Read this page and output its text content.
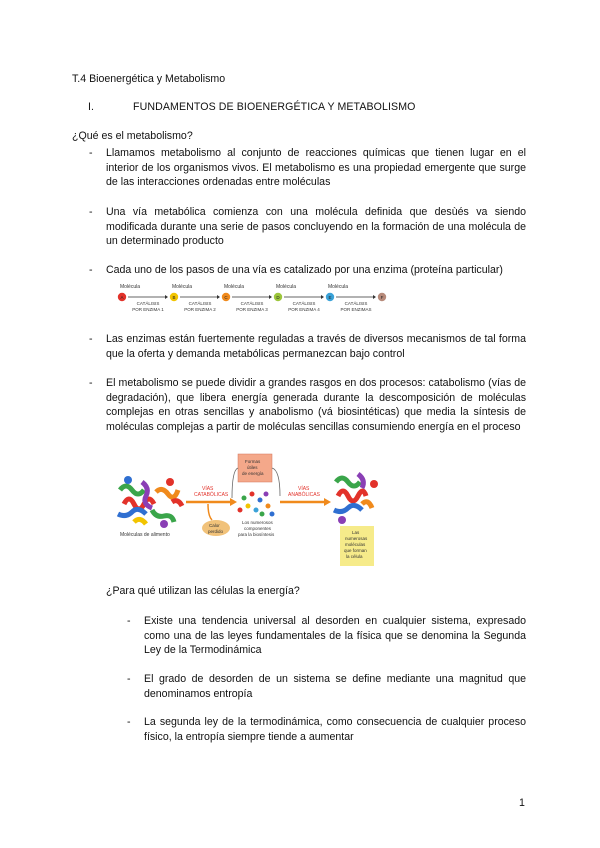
T.4 Bioenergética y Metabolismo
I.	FUNDAMENTOS DE BIOENERGÉTICA Y METABOLISMO
¿Qué es el metabolismo?
- Llamamos metabolismo al conjunto de reacciones químicas que tienen lugar en el interior de los organismos vivos. El metabolismo es una propiedad emergente que surge de las interacciones ordenadas entre moléculas
- Una vía metabólica comienza con una molécula definida que desùés va siendo modificada durante una serie de pasos concluyendo en la formación de una molécula de un determinado producto
- Cada uno de los pasos de una vía es catalizado por una enzima (proteína particular)
Molécula
A
CATÁLISIS
POR ENZIMA 1
Molécula
B
CATÁLISIS
POR ENZIMA 2
Molécula
C
CATÁLISIS
POR ENZIMA 3
Molécula
D
CATÁLISIS
POR ENZIMA 4
Molécula
E
CATÁLISIS
POR ENZIMAS
F
- Las enzimas están fuertemente reguladas a través de diversos mecanismos de tal forma que la oferta y demanda metabólicas permanezcan bajo control
- El metabolismo se puede dividir a grandes rasgos en dos procesos: catabolismo (vías de degradación), que libera energía generada durante la descomposición de moléculas complejas en otras sencillas y anabolismo (vá biosintéticas) que media la síntesis de moléculas complejas a partir de moléculas sencillas consumiendo energía en el proceso
Moléculas de alimento
VÍAS
CATABÓLICAS
Calor
perdido
Formas
útiles
de energía
Los numerosos
componentes
para la biosíntesis
VÍAS
ANABÓLICAS
Las
numerosas
moléculas
que forman
la célula
¿Para qué utilizan las células la energía?
- Existe una tendencia universal al desorden en cualquier sistema, expresado como una de las leyes fundamentales de la física que se denomina la Segunda Ley de la Termodinámica
- El grado de desorden de un sistema se define mediante una magnitud que denominamos entropía
- La segunda ley de la termodinámica, como consecuencia de cualquier proceso físico, la entropía siempre tiende a aumentar
1
